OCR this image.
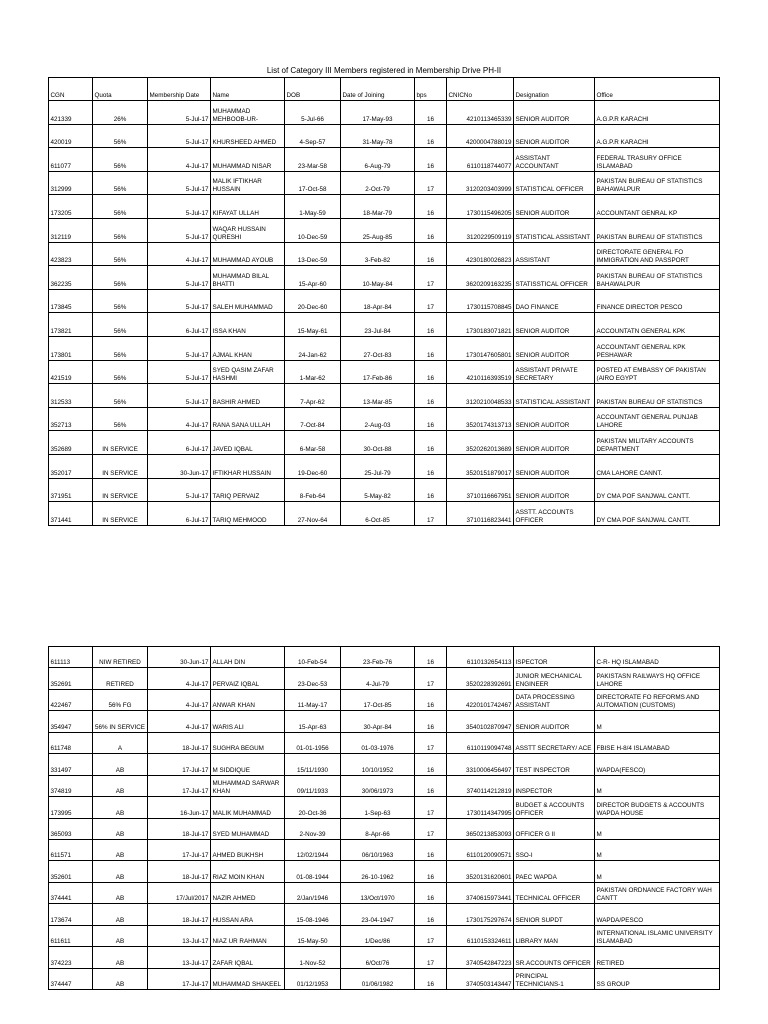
List of Category III Members registered in Membership Drive PH-II
CGN	Quota	Membership Date	Name	DOB	Date of Joining	bps	CNICNo	Designation	Office
421339	26%	5-Jul-17	MUHAMMAD MEHBOOB-UR-	5-Jul-66	17-May-93	16	4210113465339	SENIOR AUDITOR	A.G.P.R KARACHI
420019	56%	5-Jul-17	KHURSHEED AHMED	4-Sep-57	31-May-78	16	4200004788019	SENIOR AUDITOR	A.G.P.R KARACHI
611077	56%	4-Jul-17	MUHAMMAD NISAR	23-Mar-58	6-Aug-79	16	6110118744077	ASSISTANT ACCOUNTANT	FEDERAL TRASURY OFFICE ISLAMABAD
312999	56%	5-Jul-17	MALIK IFTIKHAR HUSSAIN	17-Oct-58	2-Oct-79	17	3120203403999	STATISTICAL OFFICER	PAKISTAN BUREAU OF STATISTICS BAHAWALPUR
173205	56%	5-Jul-17	KIFAYAT ULLAH	1-May-59	18-Mar-79	16	1730115496205	SENIOR AUDITOR	ACCOUNTANT GENRAL KP
312119	56%	5-Jul-17	WAQAR HUSSAIN QURESHI	10-Dec-59	25-Aug-85	16	3120229509119	STATISTICAL ASSISTANT	PAKISTAN BUREAU OF STATISTICS
423823	56%	4-Jul-17	MUHAMMAD AYOUB	13-Dec-59	3-Feb-82	16	4230180026823	ASSISTANT	DIRECTORATE GENERAL FO IMMIGRATION AND PASSPORT
362235	56%	5-Jul-17	MUHAMMAD BILAL BHATTI	15-Apr-60	10-May-84	17	3620209163235	STATISSTICAL OFFICER	PAKISTAN BUREAU OF STATISTICS BAHAWALPUR
173845	56%	5-Jul-17	SALEH MUHAMMAD	20-Dec-60	18-Apr-84	17	1730115708845	DAO FINANCE	FINANCE DIRECTOR PESCO
173821	56%	6-Jul-17	ISSA KHAN	15-May-61	23-Jul-84	16	1730183071821	SENIOR AUDITOR	ACCOUNTATN GENERAL KPK
173801	56%	5-Jul-17	AJMAL KHAN	24-Jan-62	27-Oct-83	16	1730147605801	SENIOR AUDITOR	ACCOUNTANT GENERAL KPK PESHAWAR
421519	56%	5-Jul-17	SYED QASIM ZAFAR HASHMI	1-Mar-62	17-Feb-86	16	4210116393519	ASSISTANT PRIVATE SECRETARY	POSTED AT EMBASSY OF PAKISTAN (AIRO EGYPT
312533	56%	5-Jul-17	BASHIR AHMED	7-Apr-62	13-Mar-85	16	3120210048533	STATISTICAL ASSISTANT	PAKISTAN BUREAU OF STATISTICS
352713	56%	4-Jul-17	RANA SANA ULLAH	7-Oct-84	2-Aug-03	16	3520174313713	SENIOR AUDITOR	ACCOUNTANT GENERAL PUNJAB LAHORE
352689	IN SERVICE	6-Jul-17	JAVED IQBAL	6-Mar-58	30-Oct-88	16	3520262013689	SENIOR AUDITOR	PAKISTAN MILITARY ACCOUNTS DEPARTMENT
352017	IN SERVICE	30-Jun-17	IFTIKHAR HUSSAIN	19-Dec-60	25-Jul-79	16	3520151879017	SENIOR AUDITOR	CMA LAHORE CANNT.
371951	IN SERVICE	5-Jul-17	TARIQ PERVAIZ	8-Feb-64	5-May-82	16	3710116667951	SENIOR AUDITOR	DY CMA POF SANJWAL CANTT.
371441	IN SERVICE	6-Jul-17	TARIQ MEHMOOD	27-Nov-64	6-Oct-85	17	3710116823441	ASSTT. ACCOUNTS OFFICER	DY CMA POF SANJWAL CANTT.
611113	NIW RETIRED	30-Jun-17	ALLAH DIN	10-Feb-54	23-Feb-76	16	6110132654113	ISPECTOR	C-R- HQ ISLAMABAD
352691	RETIRED	4-Jul-17	PERVAIZ IQBAL	23-Dec-53	4-Jul-79	17	3520228392691	JUNIOR MECHANICAL ENGINEER	PAKISTASN RAILWAYS HQ OFFICE LAHORE
422467	56% FG	4-Jul-17	ANWAR KHAN	11-May-17	17-Oct-85	16	4220101742467	DATA PROCESSING ASSISTANT	DIRECTORATE FO REFORMS AND AUTOMATION (CUSTOMS)
354947	56% IN SERVICE	4-Jul-17	WARIS ALI	15-Apr-63	30-Apr-84	16	3540102870947	SENIOR AUDITOR	M
611748	A	18-Jul-17	SUGHRA BEGUM	01-01-1956	01-03-1976	17	6110119094748	ASSTT SECRETARY/ ACE	FBISE H-8/4 ISLAMABAD
331497	AB	17-Jul-17	M SIDDIQUE	15/11/1930	10/10/1952	16	3310006456497	TEST INSPECTOR	WAPDA(FESCO)
374819	AB	17-Jul-17	MUHAMMAD SARWAR KHAN	09/11/1933	30/06/1973	16	3740114212819	INSPECTOR	M
173995	AB	16-Jun-17	MALIK MUHAMMAD	20-Oct-36	1-Sep-63	17	1730114347995	BUDGET & ACCOUNTS OFFICER	DIRECTOR BUDGETS & ACCOUNTS WAPDA HOUSE
365093	AB	18-Jul-17	SYED MUHAMMAD	2-Nov-39	8-Apr-66	17	3650213853093	OFFICER G II	M
611571	AB	17-Jul-17	AHMED BUKHSH	12/02/1944	06/10/1963	16	6110120090571	SSO-I	M
352601	AB	18-Jul-17	RIAZ MOIN KHAN	01-08-1944	26-10-1962	16	3520131620601	PAEC WAPDA	M
374441	AB	17/Jul/2017	NAZIR AHMED	2/Jan/1946	13/Oct/1970	16	3740615973441	TECHNICAL OFFICER	PAKISTAN ORDNANCE FACTORY WAH CANTT
173674	AB	18-Jul-17	HUSSAN ARA	15-08-1946	23-04-1947	16	1730175297674	SENIOR SUPDT	WAPDA/PESCO
611611	AB	13-Jul-17	NIAZ UR RAHMAN	15-May-50	1/Dec/86	17	6110153324611	LIBRARY MAN	INTERNATIONAL ISLAMIC UNIVERSITY ISLAMABAD
374223	AB	13-Jul-17	ZAFAR IQBAL	1-Nov-52	6/Oct/76	17	3740542847223	SR.ACCOUNTS OFFICER	RETIRED
374447	AB	17-Jul-17	MUHAMMAD SHAKEEL	01/12/1953	01/06/1982	16	3740503143447	PRINCIPAL TECHNICIANS-1	SS GROUP
